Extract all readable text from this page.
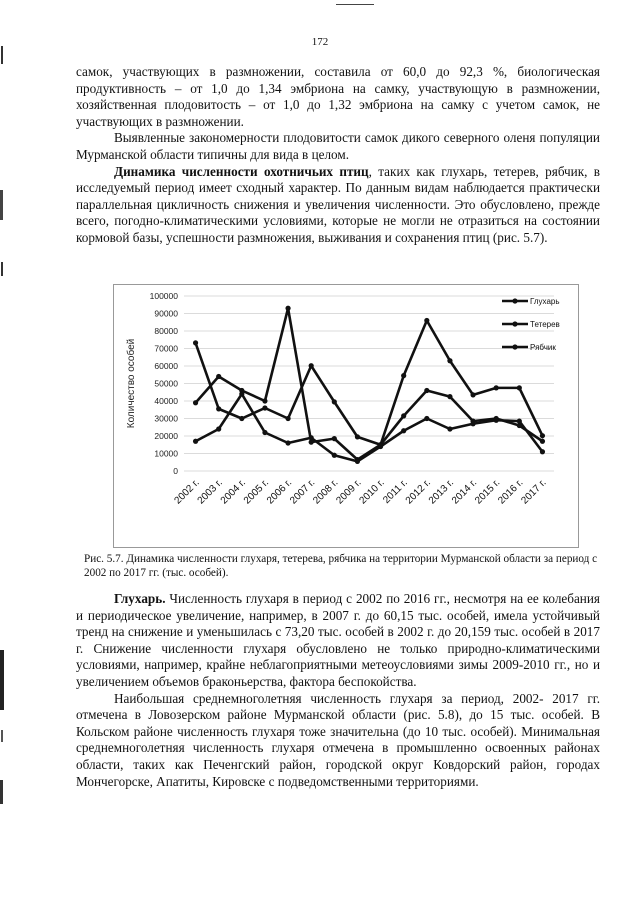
172

самок, участвующих в размножении, составила от 60,0 до 92,3 %, биологическая продуктивность – от 1,0 до 1,34 эмбриона на самку, участвующую в размножении, хозяйственная плодовитость – от 1,0 до 1,32 эмбриона на самку с учетом самок, не участвующих в размножении.

Выявленные закономерности плодовитости самок дикого северного оленя популяции Мурманской области типичны для вида в целом.

Динамика численности охотничьих птиц, таких как глухарь, тетерев, рябчик, в исследуемый период имеет сходный характер. По данным видам наблюдается практически параллельная цикличность снижения и увеличения численности. Это обусловлено, прежде всего, погодно-климатическими условиями, которые не могли не отразиться на состоянии кормовой базы, успешности размножения, выживания и сохранения птиц (рис. 5.7).

0
10000
20000
30000
40000
50000
60000
70000
80000
90000
100000
Количество особей
2002 г.
2003 г.
2004 г.
2005 г.
2006 г.
2007 г.
2008 г.
2009 г.
2010 г.
2011 г.
2012 г.
2013 г.
2014 г.
2015 г.
2016 г.
2017 г.
Глухарь
Тетерев
Рябчик
Рис. 5.7. Динамика численности глухаря, тетерева, рябчика на территории Мурманской области за период с 2002 по 2017 гг. (тыс. особей).

Глухарь. Численность глухаря в период с 2002 по 2016 гг., несмотря на ее колебания и периодическое увеличение, например, в 2007 г. до 60,15 тыс. особей, имела устойчивый тренд на снижение и уменьшилась с 73,20 тыс. особей в 2002 г. до 20,159 тыс. особей в 2017 г. Снижение численности глухаря обусловлено не только природно-климатическими условиями, например, крайне неблагоприятными метеоусловиями зимы 2009-2010 гг., но и увеличением объемов браконьерства, фактора беспокойства.

Наибольшая среднемноголетняя численность глухаря за период, 2002- 2017 гг. отмечена в Ловозерском районе Мурманской области (рис. 5.8), до 15 тыс. особей. В Кольском районе численность глухаря тоже значительна (до 10 тыс. особей). Минимальная среднемноголетняя численность глухаря отмечена в промышленно освоенных районах области, таких как Печенгский район, городской округ Ковдорский район, городах Мончегорске, Апатиты, Кировске с подведомственными территориями.
